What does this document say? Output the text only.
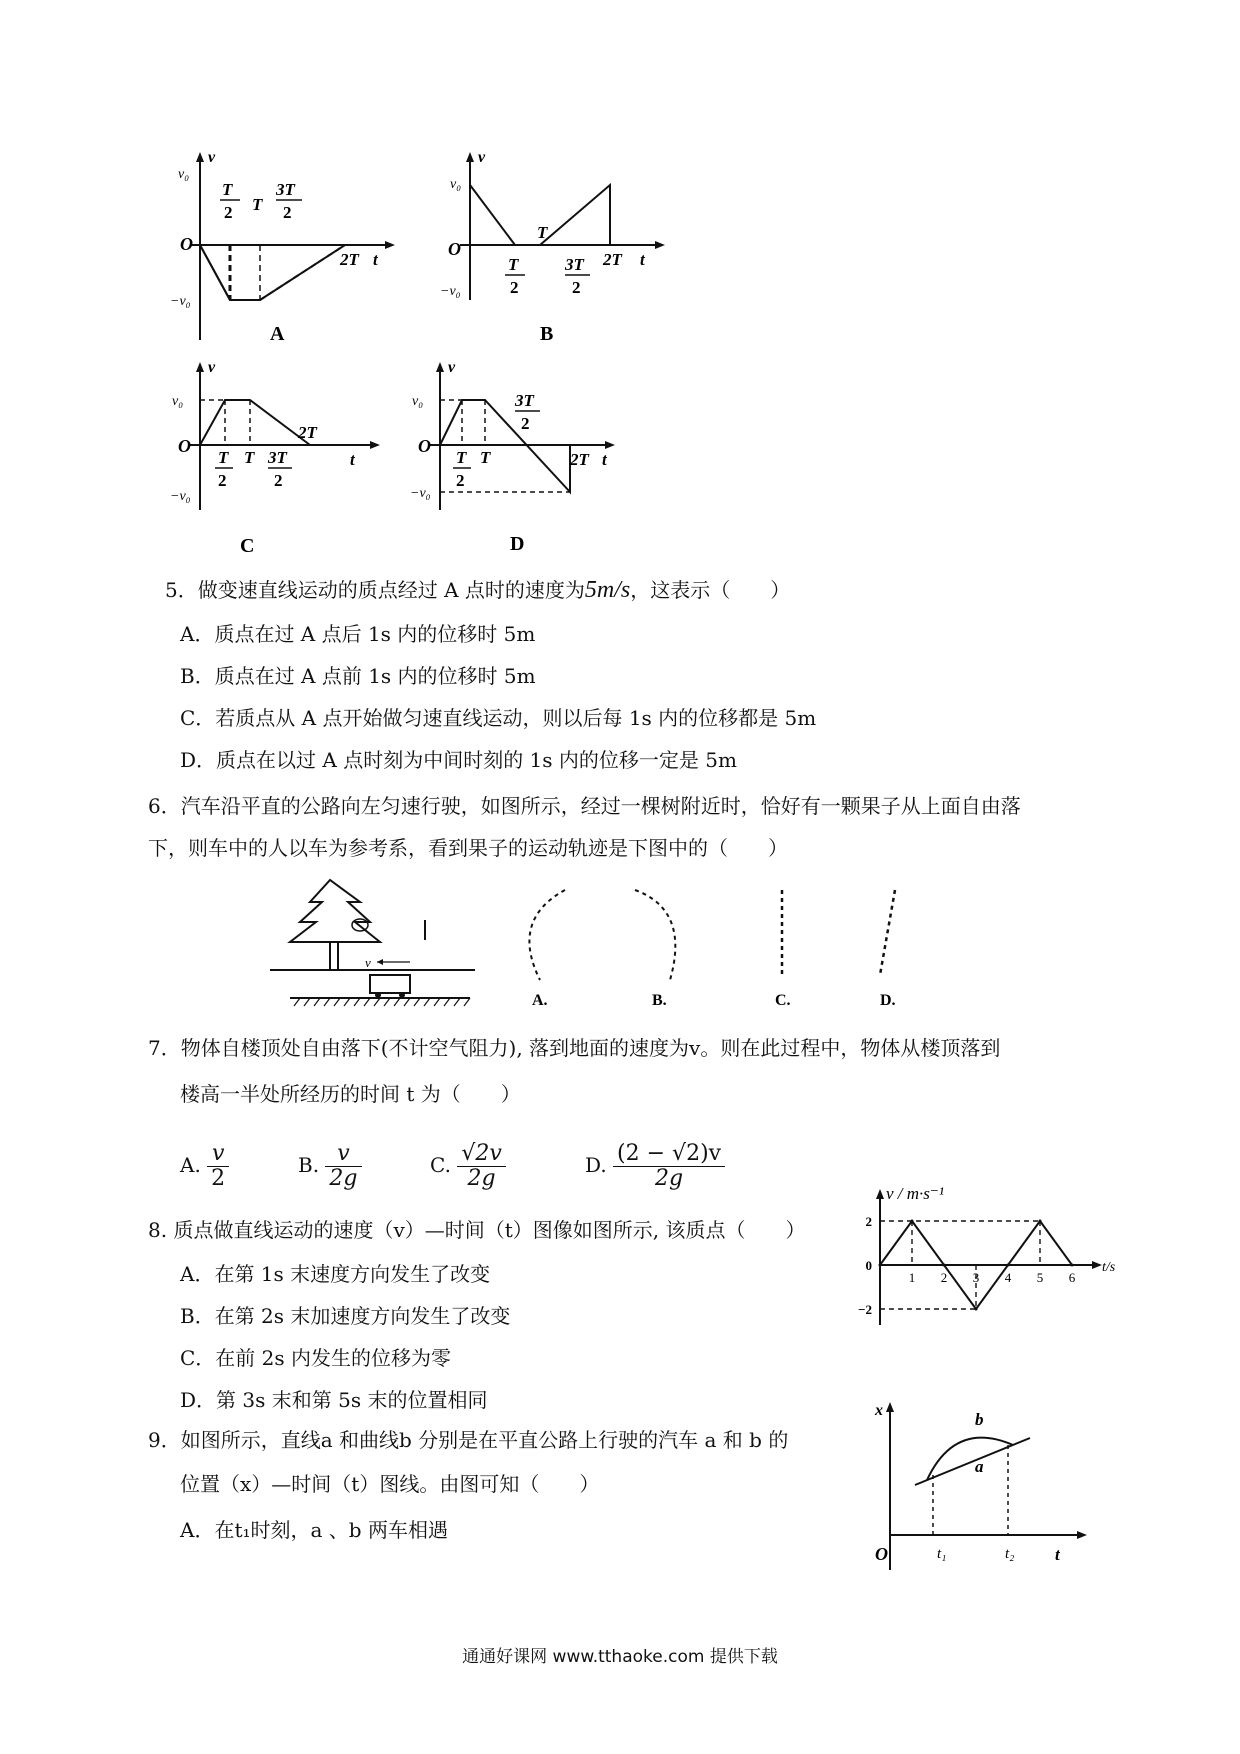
v₀
v
O
−v₀
T
2 T
3T
2
2T t
A
v₀
v
O
−v₀
T
2
T
3T
2
2T t
B
v₀
v
O
−v₀
T
2
T 3T
2
2T
t
C
v₀
v
O
−v₀
T
2
T
3T
2
2T t
D
5．做变速直线运动的质点经过 A 点时的速度为5m/s，这表示（　　）
A．质点在过 A 点后 1s 内的位移时 5m
B．质点在过 A 点前 1s 内的位移时 5m
C．若质点从 A 点开始做匀速直线运动，则以后每 1s 内的位移都是 5m
D．质点在以过 A 点时刻为中间时刻的 1s 内的位移一定是 5m
6．汽车沿平直的公路向左匀速行驶，如图所示，经过一棵树附近时，恰好有一颗果子从上面自由落
下，则车中的人以车为参考系，看到果子的运动轨迹是下图中的（　　）
v
A.	B.	C.	D.
7．物体自楼顶处自由落下(不计空气阻力), 落到地面的速度为v。则在此过程中，物体从楼顶落到
楼高一半处所经历的时间 t 为（　　）
A. $\frac{v}{2}$	B. $\frac{v}{2g}$	C. $\frac{√2v}{2g}$	D. $\frac{(2 - √2)v}{2g}$
8. 质点做直线运动的速度（v）—时间（t）图像如图所示, 该质点（　　）
A．在第 1s 末速度方向发生了改变
B．在第 2s 末加速度方向发生了改变
C．在前 2s 内发生的位移为零
D．第 3s 末和第 5s 末的位置相同
v / m·s⁻¹
t/s
2
0
−2
1 2 3 4 5 6
9．如图所示，直线a 和曲线b 分别是在平直公路上行驶的汽车 a 和 b 的
位置（x）—时间（t）图线。由图可知（　　）
A．在t₁时刻，a 、b 两车相遇
x
O	t
b
a
t₁	t₂
通通好课网 www.tthaoke.com 提供下载
